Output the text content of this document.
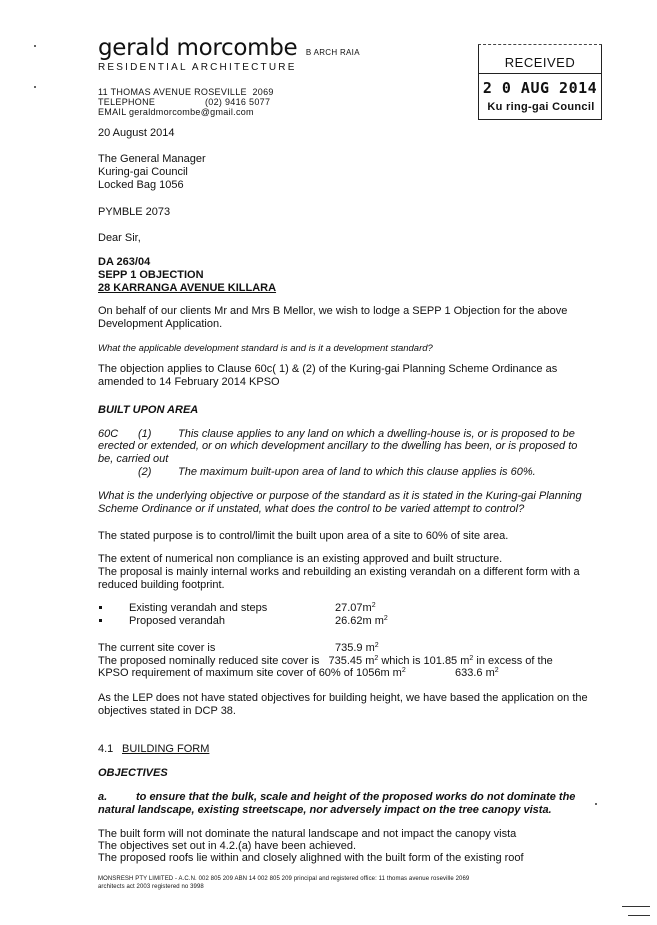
gerald morcombe B ARCH RAIA
RESIDENTIAL ARCHITECTURE
11 THOMAS AVENUE ROSEVILLE  2069
TELEPHONE	(02) 9416 5077
EMAIL geraldmorcombe@gmail.com
RECEIVED
2 0 AUG 2014
Ku ring-gai Council
20 August 2014
The General Manager
Kuring-gai Council
Locked Bag 1056
PYMBLE 2073
Dear Sir,
DA 263/04
SEPP 1 OBJECTION
28 KARRANGA AVENUE KILLARA
On behalf of our clients Mr and Mrs B Mellor, we wish to lodge a SEPP 1 Objection for the above Development Application.
What the applicable development standard is and is it a development standard?
The objection applies to Clause 60c( 1) & (2) of the Kuring-gai Planning Scheme Ordinance as amended to 14 February 2014 KPSO
BUILT UPON AREA
60C (1) This clause applies to any land on which a dwelling-house is, or is proposed to be
erected or extended, or on which development ancillary to the dwelling has been, or is proposed to be, carried out
(2) The maximum built-upon area of land to which this clause applies is 60%.
What is the underlying objective or purpose of the standard as it is stated in the Kuring-gai Planning Scheme Ordinance or if unstated, what does the control to be varied attempt to control?
The stated purpose is to control/limit the built upon area of a site to 60% of site area.
The extent of numerical non compliance is an existing approved and built structure.
The proposal is mainly internal works and rebuilding an existing verandah on a different form with a reduced building footprint.
Existing verandah and steps	$27.07m^2$
Proposed verandah	26.62m $m^2$
The current site cover is	735.9 $m^2$
The proposed nominally reduced site cover is 735.45 $m^2$ which is 101.85 $m^2$ in excess of the
KPSO requirement of maximum site cover of 60% of 1056m $m^2$	633.6 $m^2$
As the LEP does not have stated objectives for building height, we have based the application on the objectives stated in DCP 38.
4.1 BUILDING FORM
OBJECTIVES
a.	to ensure that the bulk, scale and height of the proposed works do not dominate the
natural landscape, existing streetscape, nor adversely impact on the tree canopy vista.
The built form will not dominate the natural landscape and not impact the canopy vista
The objectives set out in 4.2.(a) have been achieved.
The proposed roofs lie within and closely alighned with the built form of the existing roof
MONSRESH PTY LIMITED - A.C.N. 002 805 209 ABN 14 002 805 209 principal and registered office: 11 thomas avenue roseville 2069
architects act 2003 registered no 3998
